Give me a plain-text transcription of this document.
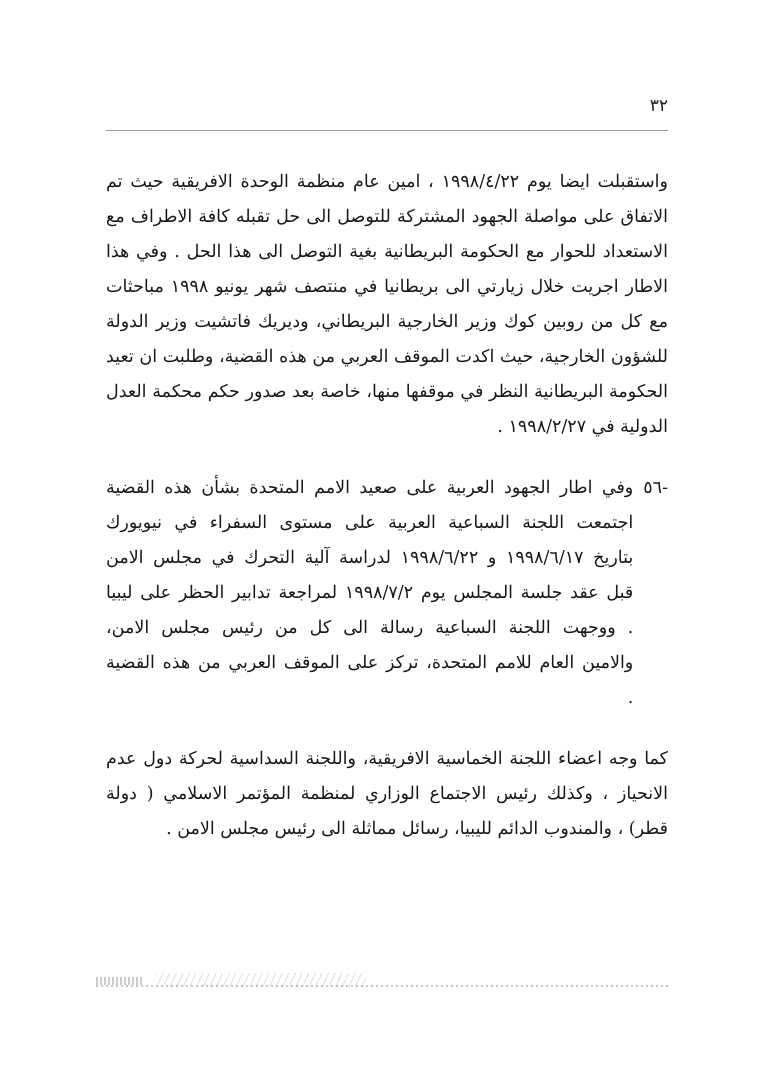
٣٢
واستقبلت ايضا يوم ١٩٩٨/٤/٢٢ ، امين عام منظمة الوحدة الافريقية حيث تم الاتفاق على مواصلة الجهود المشتركة للتوصل الى حل تقبله كافة الاطراف مع الاستعداد للحوار مع الحكومة البريطانية بغية التوصل الى هذا الحل . وفي هذا الاطار اجريت خلال زيارتي الى بريطانيا في منتصف شهر يونيو ١٩٩٨ مباحثات مع كل من روبين كوك وزير الخارجية البريطاني، وديريك فاتشيت وزير الدولة للشؤون الخارجية، حيث اكدت الموقف العربي من هذه القضية، وطلبت ان تعيد الحكومة البريطانية النظر في موقفها منها، خاصة بعد صدور حكم محكمة العدل الدولية في ١٩٩٨/٢/٢٧ .
-٥٦
وفي اطار الجهود العربية على صعيد الامم المتحدة بشأن هذه القضية اجتمعت اللجنة السباعية العربية على مستوى السفراء في نيويورك بتاريخ ١٩٩٨/٦/١٧ و ١٩٩٨/٦/٢٢ لدراسة آلية التحرك في مجلس الامن قبل عقد جلسة المجلس يوم ١٩٩٨/٧/٢ لمراجعة تدابير الحظر على ليبيا . ووجهت اللجنة السباعية رسالة الى كل من رئيس مجلس الامن، والامين العام للامم المتحدة، تركز على الموقف العربي من هذه القضية .
كما وجه اعضاء اللجنة الخماسية الافريقية، واللجنة السداسية لحركة دول عدم الانحياز ، وكذلك رئيس الاجتماع الوزاري لمنظمة المؤتمر الاسلامي ( دولة قطر) ، والمندوب الدائم لليبيا، رسائل مماثلة الى رئيس مجلس الامن .
